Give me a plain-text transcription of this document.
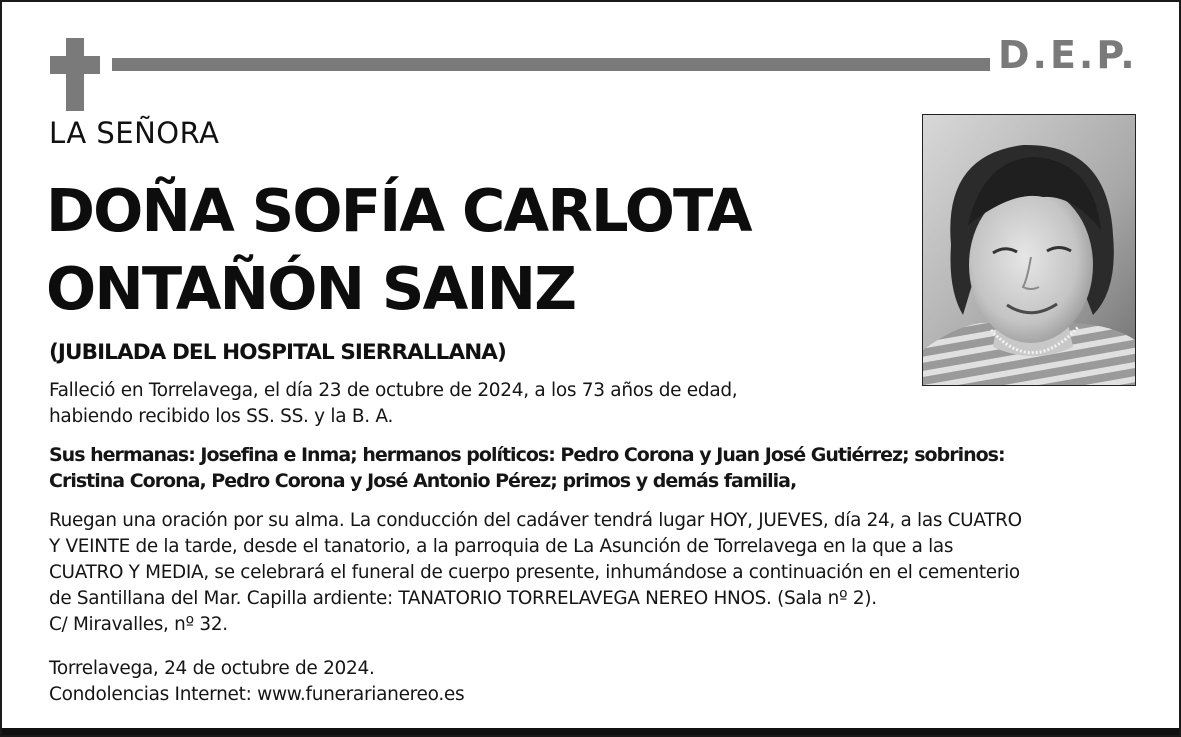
D.E.P.
LA SEÑORA
DOÑA SOFÍA CARLOTA
ONTAÑÓN SAINZ
(JUBILADA DEL HOSPITAL SIERRALLANA)
Falleció en Torrelavega, el día 23 de octubre de 2024, a los 73 años de edad,
habiendo recibido los SS. SS. y la B. A.
Sus hermanas: Josefina e Inma; hermanos políticos: Pedro Corona y Juan José Gutiérrez; sobrinos:
Cristina Corona, Pedro Corona y José Antonio Pérez; primos y demás familia,
Ruegan una oración por su alma. La conducción del cadáver tendrá lugar HOY, JUEVES, día 24, a las CUATRO
Y VEINTE de la tarde, desde el tanatorio, a la parroquia de La Asunción de Torrelavega en la que a las
CUATRO Y MEDIA, se celebrará el funeral de cuerpo presente, inhumándose a continuación en el cementerio
de Santillana del Mar. Capilla ardiente: TANATORIO TORRELAVEGA NEREO HNOS. (Sala nº 2).
C/ Miravalles, nº 32.
Torrelavega, 24 de octubre de 2024.
Condolencias Internet: www.funerarianereo.es
